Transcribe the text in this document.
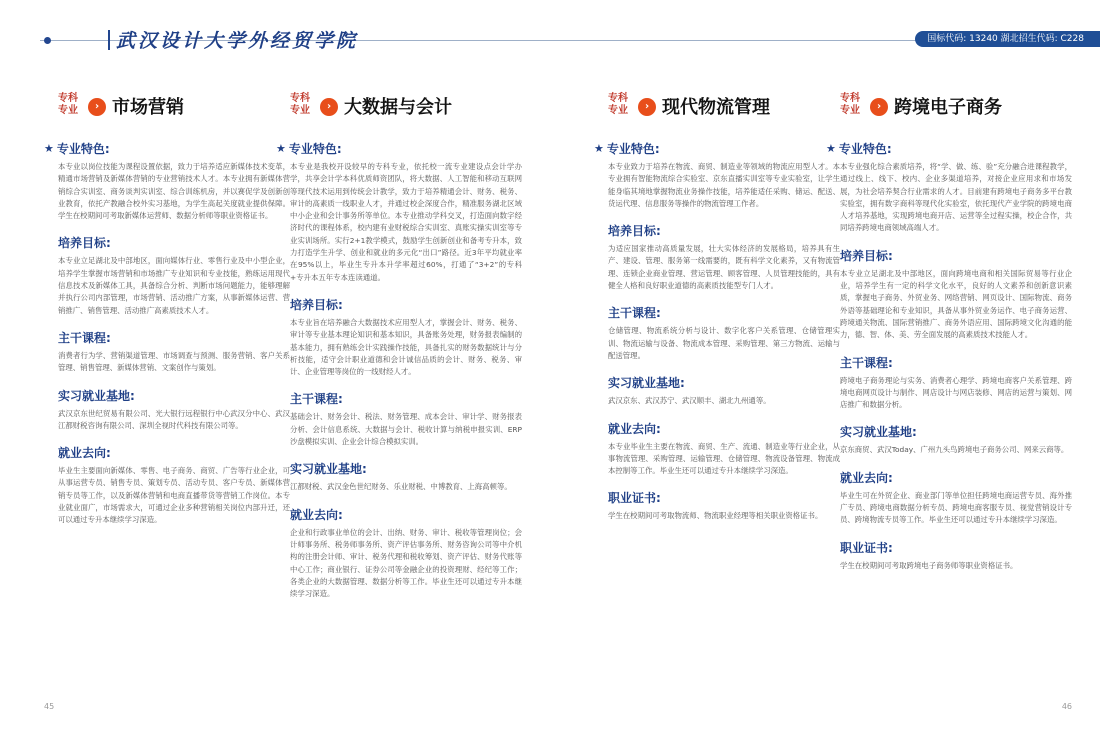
武汉设计大学外经贸学院	国标代码: 13240 湖北招生代码: C228
专科专业	› 市场营销
★ 专业特色:
本专业以岗位技能为课程设置依据，致力于培养适应新媒体技术变革，精通市场营销及新媒体营销的专业营销技术人才。本专业拥有新媒体营销综合实训室、商务谈判实训室、综合训练机房，并以赛促学及创新创业教育，依托产教融合校外实习基地，为学生高起关度就业提供保障。学生在校期间可考取新媒体运营师、数据分析师等职业资格证书。
培养目标:
本专业立足湖北及中部地区，面向媒体行业、零售行业及中小型企业，培养学生掌握市场营销和市场推广专业知识和专业技能，熟练运用现代信息技术及新媒体工具，具备综合分析、判断市场问题能力，能够理解并执行公司内部管理，市场营销、活动推广方案，从事新媒体运营、营销推广、销售管理、活动推广高素质技术人才。
主干课程:
消费者行为学、营销渠道管理、市场调查与预测、服务营销、客户关系管理、销售管理、新媒体营销、文案创作与策划。
实习就业基地:
武汉京东世纪贸易有限公司、光大银行远程银行中心武汉分中心、武汉江都财税咨询有限公司、深圳全视时代科技有限公司等。
就业去向:
毕业生主要面向新媒体、零售、电子商务、商贸、广告等行业企业，可从事运营专员、销售专员、策划专员、活动专员、客户专员、新媒体营销专员等工作，以及新媒体营销和电商直播带货等营销工作岗位。本专业就业面广，市场需求大，可通过企业多种营销相关岗位内部升迁，还可以通过专升本继续学习深造。
专科专业	› 大数据与会计
★ 专业特色:
本专业是我校开设较早的专科专业，依托校一流专业建设点会计学办学，共享会计学本科优质师资团队，将大数据、人工智能和移动互联网等现代技术运用到传统会计教学，致力于培养精通会计、财务、税务、审计的高素质一线职业人才，并通过校企深度合作，精准服务湖北区域中小企业和会计事务所等单位。本专业推动学科交叉，打造面向数字经济时代的课程体系，校内建有业财税综合实训室、真账实操实训室等专业实训场所。实行2+1教学模式，鼓励学生创新创业和备考专升本，致力打造学生升学、创业和就业的多元化“出口”路径。近3年平均就业率在95%以上，毕业生专升本升学率超过60%，打通了“3+2”的专科+专升本五年专本连读通道。
培养目标:
本专业旨在培养融合大数据技术应用型人才，掌握会计、财务、税务、审计等专业基本理论知识和基本知识，具备账务处理，财务报表编制的基本能力，拥有熟练会计实践操作技能，具备扎实的财务数据统计与分析技能，适守会计职业道德和会计诚信品质的会计、财务、税务、审计、企业管理等岗位的一线财经人才。
主干课程:
基础会计、财务会计、税法、财务管理、成本会计、审计学、财务报表分析、会计信息系统、大数据与会计、税收计算与纳税申报实训、ERP沙盘模拟实训、企业会计综合模拟实训。
实习就业基地:
江都财税、武汉金色世纪财务、乐业财税、中博教育、上海高顿等。
就业去向:
企业和行政事业单位的会计、出纳、财务、审计、税收等管理岗位；会计师事务所、税务师事务所、资产评估事务所、财务咨询公司等中介机构的注册会计师、审计、税务代理和税收筹划、资产评估、财务代账等中心工作；商业银行、证券公司等金融企业的投资理财、经纪等工作；各类企业的大数据管理、数据分析等工作。毕业生还可以通过专升本继续学习深造。
45
专科专业	› 现代物流管理
★ 专业特色:
本专业致力于培养在物流、商贸、制造业等领域的物流应用型人才。本专业拥有智能物流综合实验室、京东直播实训室等专业实验室，让学生能身临其境地掌握物流业务操作技能，培养能适任采购、储运、配送、货运代理、信息服务等操作的物流管理工作者。
培养目标:
为适应国家推动高质量发展，壮大实体经济的发展格局，培养具有生产、建设、管理、服务第一线需要的，既有科学文化素养，又有物流管理、连锁企业商业管理、营运管理、顾客管理、人员管理技能的，具有健全人格和良好职业道德的高素质技能型专门人才。
主干课程:
仓储管理、物流系统分析与设计、数字化客户关系管理、仓储管理实训、物流运输与设备、物流成本管理、采购管理、第三方物流、运输与配送管理。
实习就业基地:
武汉京东、武汉苏宁、武汉顺丰、湖北九州通等。
就业去向:
本专业毕业生主要在物流、商贸、生产、流通、制造业等行业企业，从事物流管理、采购管理、运输管理、仓储管理、物流设备管理、物流成本控制等工作。毕业生还可以通过专升本继续学习深造。
职业证书:
学生在校期间可考取物流师、物流职业经理等相关职业资格证书。
专科专业	› 跨境电子商务
★ 专业特色:
本专业强化综合素质培养，将“学、做、练、验”充分融合进课程教学，通过线上、线下、校内、企业多渠道培养，对接企业应用求和市场发展，为社会培养契合行业需求的人才。目前建有跨境电子商务多平台教实验室，拥有数字商科等现代化实验室，依托现代产业学院的跨境电商人才培养基地，实现跨境电商开店、运营等全过程实操，校企合作，共同培养跨境电商领域高端人才。
培养目标:
本专业立足湖北及中部地区，面向跨境电商和相关国际贸易等行业企业，培养学生有一定的科学文化水平，良好的人文素养和创新意识素质，掌握电子商务、外贸业务、网络营销、网页设计、国际物流、商务外语等基础理论和专业知识，具备从事外贸业务运作、电子商务运营、跨境通关物流、国际营销推广、商务外语应用、国际跨境文化沟通的能力，德、智、体、美、劳全面发展的高素质技术技能人才。
主干课程:
跨境电子商务理论与实务、消费者心理学、跨境电商客户关系管理、跨境电商网页设计与制作、网店设计与网店装修、网店的运营与策划、网店推广和数据分析。
实习就业基地:
京东商贸、武汉Today、广州九头鸟跨境电子商务公司、网来云商等。
就业去向:
毕业生可在外贸企业、商业部门等单位担任跨境电商运营专员、海外推广专员、跨境电商数据分析专员、跨境电商客服专员、视觉营销设计专员、跨境物流专员等工作。毕业生还可以通过专升本继续学习深造。
职业证书:
学生在校期间可考取跨境电子商务师等职业资格证书。
46
